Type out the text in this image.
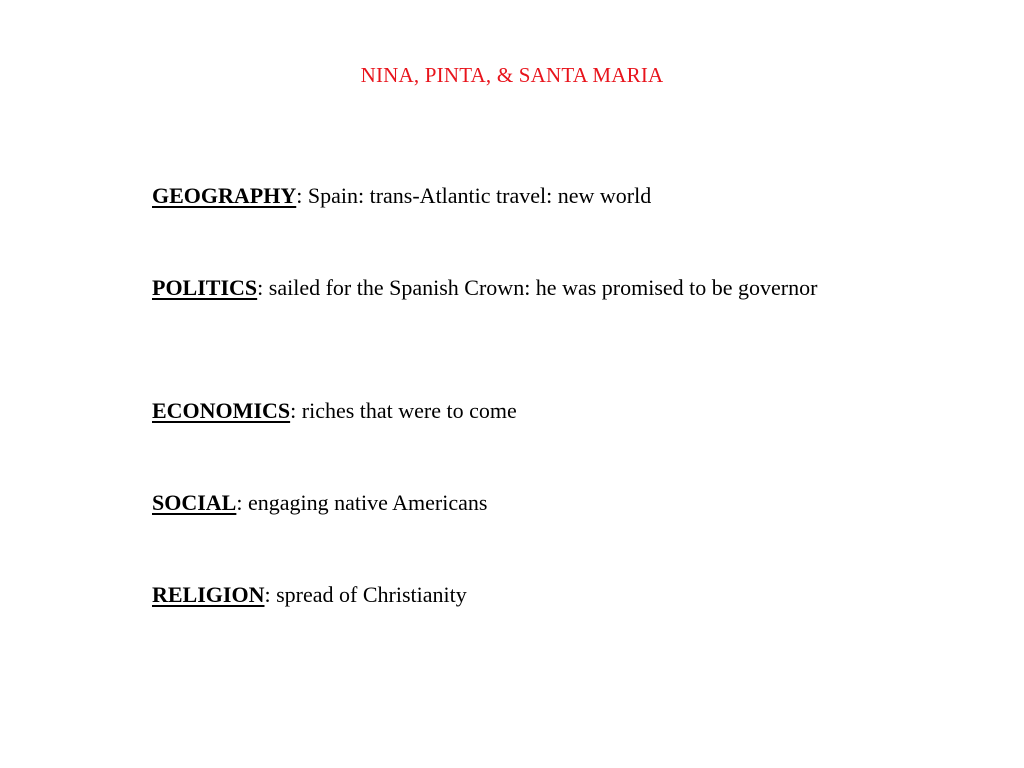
NINA, PINTA, & SANTA MARIA
GEOGRAPHY: Spain: trans-Atlantic travel: new world
POLITICS: sailed for the Spanish Crown: he was promised to be governor
ECONOMICS: riches that were to come
SOCIAL: engaging native Americans
RELIGION: spread of Christianity
